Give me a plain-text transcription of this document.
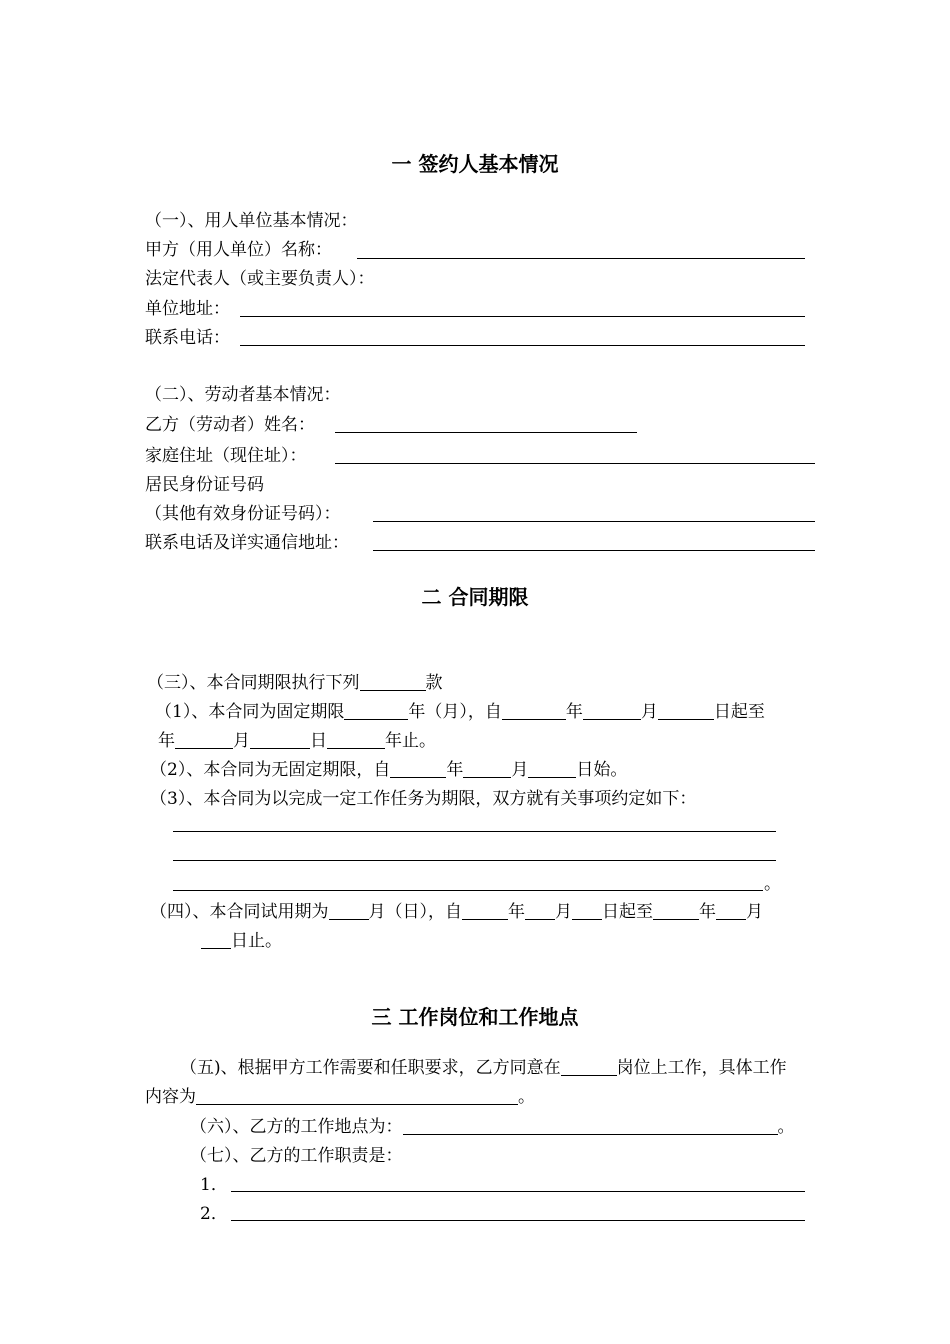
一 签约人基本情况
（一）、用人单位基本情况：
甲方（用人单位）名称：
法定代表人（或主要负责人）：
单位地址：
联系电话：
（二）、劳动者基本情况：
乙方（劳动者）姓名：
家庭住址（现住址）：
居民身份证号码
（其他有效身份证号码）：
联系电话及详实通信地址：
二 合同期限
（三）、本合同期限执行下列	款
（1）、本合同为固定期限	年（月），自	年	月	日起至
年	月	日	年止。
（2）、本合同为无固定期限，自	年	月	日始。
（3）、本合同为以完成一定工作任务为期限，双方就有关事项约定如下：
。
（四）、本合同试用期为 月（日），自	年 月 日起至	年 月
日止。
三 工作岗位和工作地点
（五)、根据甲方工作需要和任职要求，乙方同意在	岗位上工作，具体工作
内容为	。
（六）、乙方的工作地点为：	。
（七）、乙方的工作职责是：
1．
2．
